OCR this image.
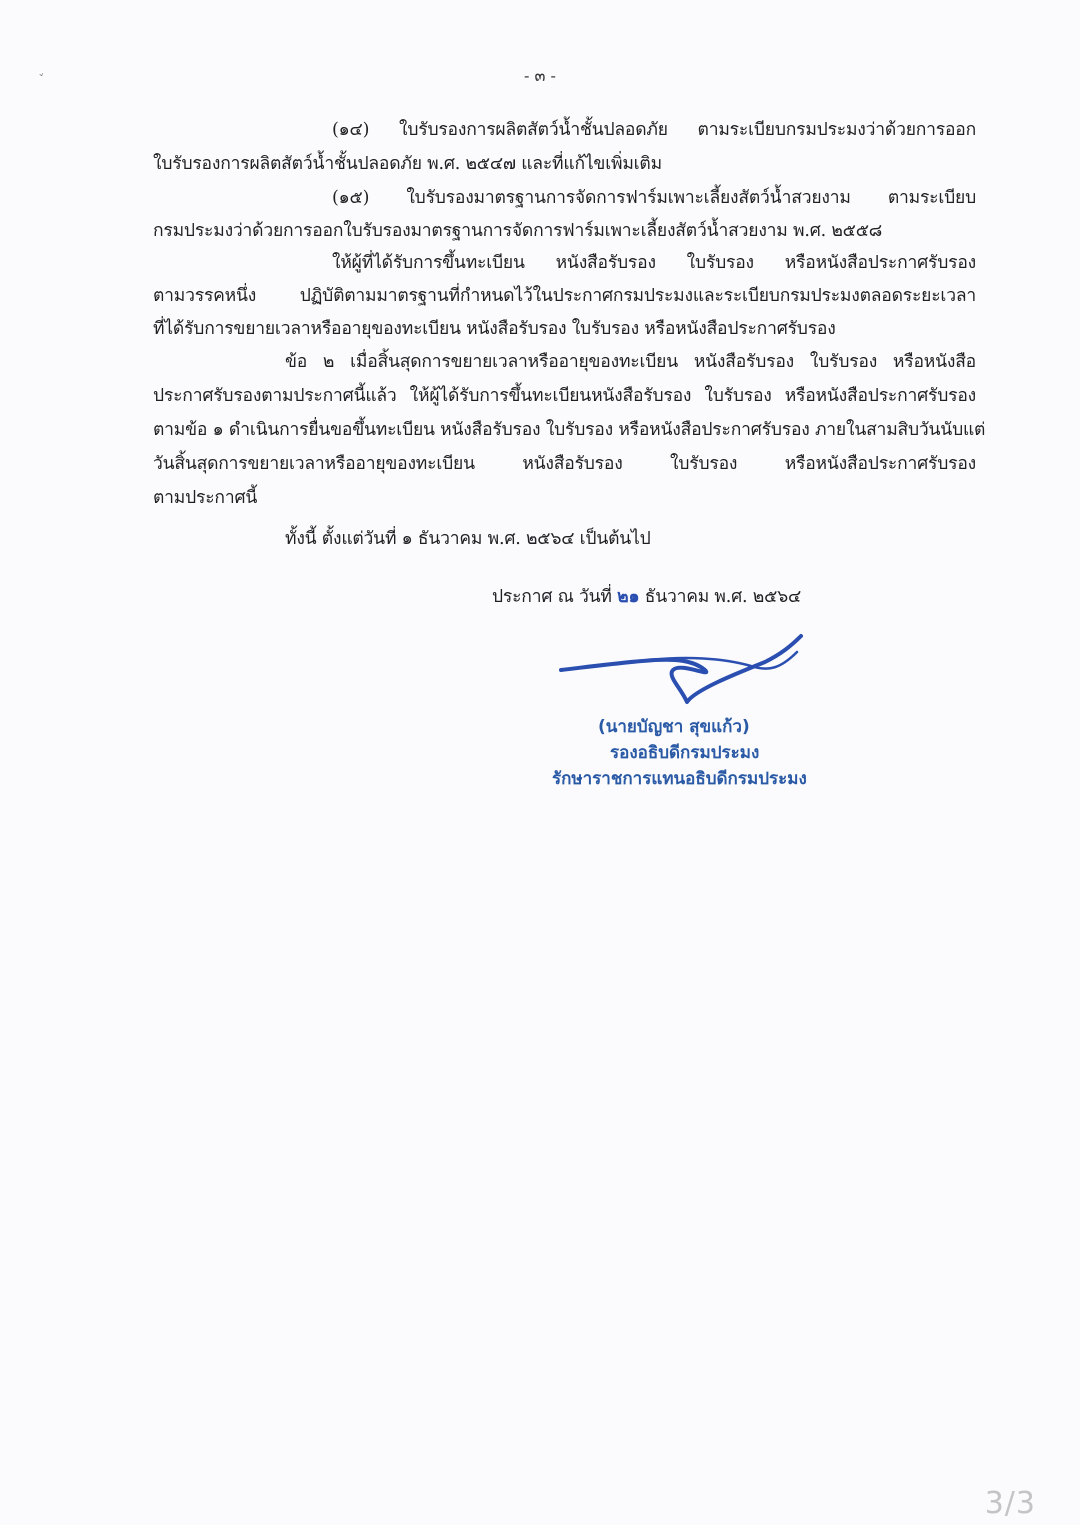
ˇ	- ๓ -
(๑๔) ใบรับรองการผลิตสัตว์น้ำชั้นปลอดภัย ตามระเบียบกรมประมงว่าด้วยการออก
ใบรับรองการผลิตสัตว์น้ำชั้นปลอดภัย พ.ศ. ๒๕๔๗ และที่แก้ไขเพิ่มเติม
(๑๕) ใบรับรองมาตรฐานการจัดการฟาร์มเพาะเลี้ยงสัตว์น้ำสวยงาม ตามระเบียบ
กรมประมงว่าด้วยการออกใบรับรองมาตรฐานการจัดการฟาร์มเพาะเลี้ยงสัตว์น้ำสวยงาม พ.ศ. ๒๕๕๘
ให้ผู้ที่ได้รับการขึ้นทะเบียน หนังสือรับรอง ใบรับรอง หรือหนังสือประกาศรับรอง
ตามวรรคหนึ่ง ปฏิบัติตามมาตรฐานที่กำหนดไว้ในประกาศกรมประมงและระเบียบกรมประมงตลอดระยะเวลา
ที่ได้รับการขยายเวลาหรืออายุของทะเบียน หนังสือรับรอง ใบรับรอง หรือหนังสือประกาศรับรอง
ข้อ ๒ เมื่อสิ้นสุดการขยายเวลาหรืออายุของทะเบียน หนังสือรับรอง ใบรับรอง หรือหนังสือ
ประกาศรับรองตามประกาศนี้แล้ว ให้ผู้ได้รับการขึ้นทะเบียนหนังสือรับรอง ใบรับรอง หรือหนังสือประกาศรับรอง
ตามข้อ ๑ ดำเนินการยื่นขอขึ้นทะเบียน หนังสือรับรอง ใบรับรอง หรือหนังสือประกาศรับรอง ภายในสามสิบวันนับแต่
วันสิ้นสุดการขยายเวลาหรืออายุของทะเบียน หนังสือรับรอง ใบรับรอง หรือหนังสือประกาศรับรอง
ตามประกาศนี้
ทั้งนี้ ตั้งแต่วันที่ ๑ ธันวาคม พ.ศ. ๒๕๖๔ เป็นต้นไป
ประกาศ ณ วันที่ ๒๑ ธันวาคม พ.ศ. ๒๕๖๔
(นายบัญชา สุขแก้ว)
รองอธิบดีกรมประมง
รักษาราชการแทนอธิบดีกรมประมง
3/3
